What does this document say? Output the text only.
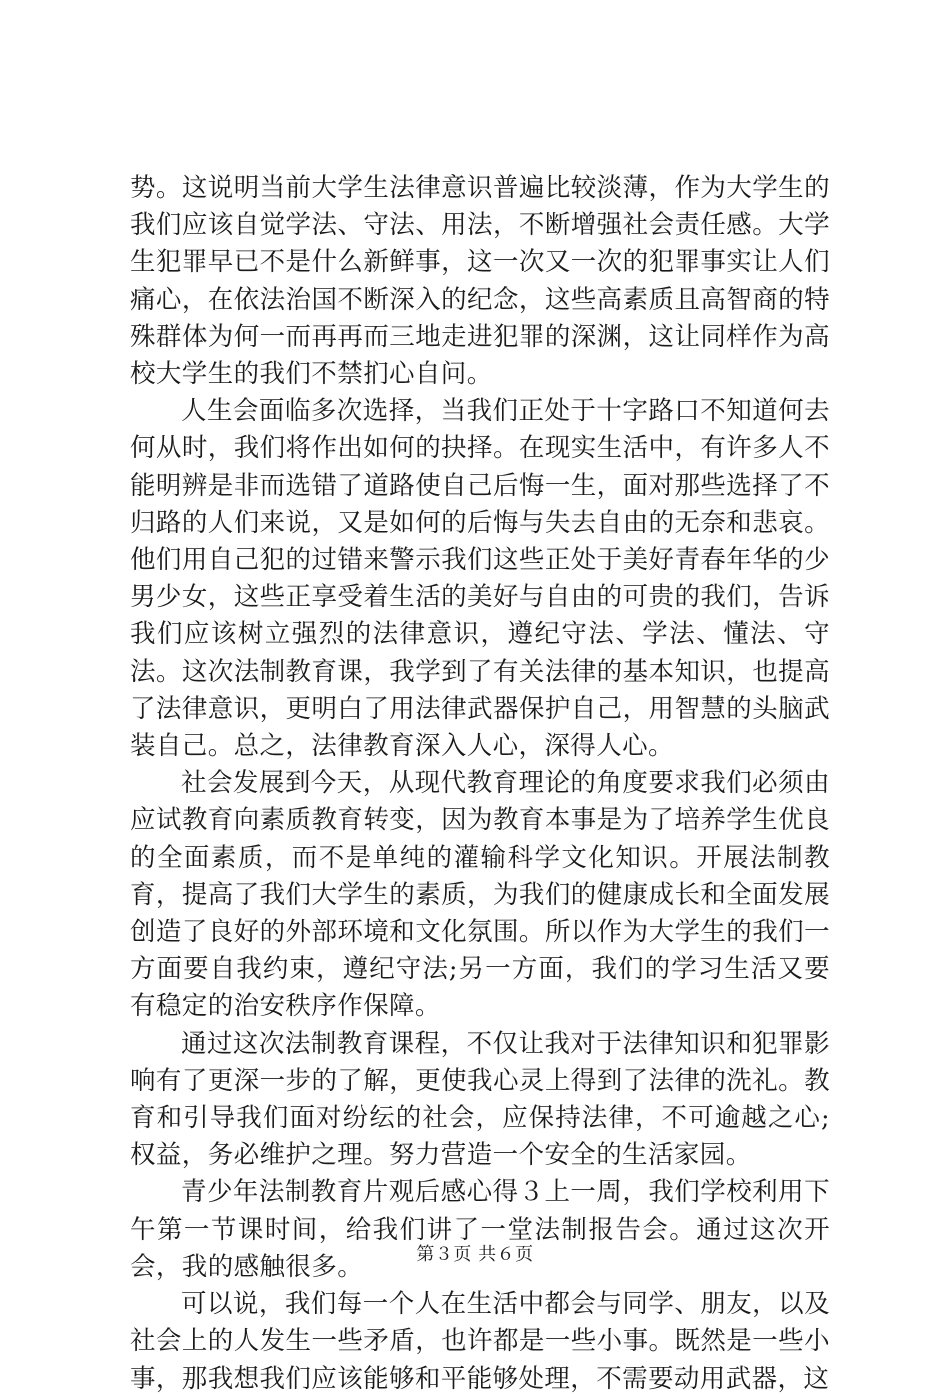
势。这说明当前大学生法律意识普遍比较淡薄，作为大学生的我们应该自觉学法、守法、用法，不断增强社会责任感。大学生犯罪早已不是什么新鲜事，这一次又一次的犯罪事实让人们痛心，在依法治国不断深入的纪念，这些高素质且高智商的特殊群体为何一而再再而三地走进犯罪的深渊，这让同样作为高校大学生的我们不禁扪心自问。

人生会面临多次选择，当我们正处于十字路口不知道何去何从时，我们将作出如何的抉择。在现实生活中，有许多人不能明辨是非而选错了道路使自己后悔一生，面对那些选择了不归路的人们来说，又是如何的后悔与失去自由的无奈和悲哀。他们用自己犯的过错来警示我们这些正处于美好青春年华的少男少女，这些正享受着生活的美好与自由的可贵的我们，告诉我们应该树立强烈的法律意识，遵纪守法、学法、懂法、守法。这次法制教育课，我学到了有关法律的基本知识，也提高了法律意识，更明白了用法律武器保护自己，用智慧的头脑武装自己。总之，法律教育深入人心，深得人心。

社会发展到今天，从现代教育理论的角度要求我们必须由应试教育向素质教育转变，因为教育本事是为了培养学生优良的全面素质，而不是单纯的灌输科学文化知识。开展法制教育，提高了我们大学生的素质，为我们的健康成长和全面发展创造了良好的外部环境和文化氛围。所以作为大学生的我们一方面要自我约束，遵纪守法;另一方面，我们的学习生活又要有稳定的治安秩序作保障。

通过这次法制教育课程，不仅让我对于法律知识和犯罪影响有了更深一步的了解，更使我心灵上得到了法律的洗礼。教育和引导我们面对纷纭的社会，应保持法律，不可逾越之心;权益，务必维护之理。努力营造一个安全的生活家园。

青少年法制教育片观后感心得３上一周，我们学校利用下午第一节课时间，给我们讲了一堂法制报告会。通过这次开会，我的感触很多。

可以说，我们每一个人在生活中都会与同学、朋友，以及社会上的人发生一些矛盾，也许都是一些小事。既然是一些小事，那我想我们应该能够和平能够处理，不需要动用武器，这

第３页 共６页
